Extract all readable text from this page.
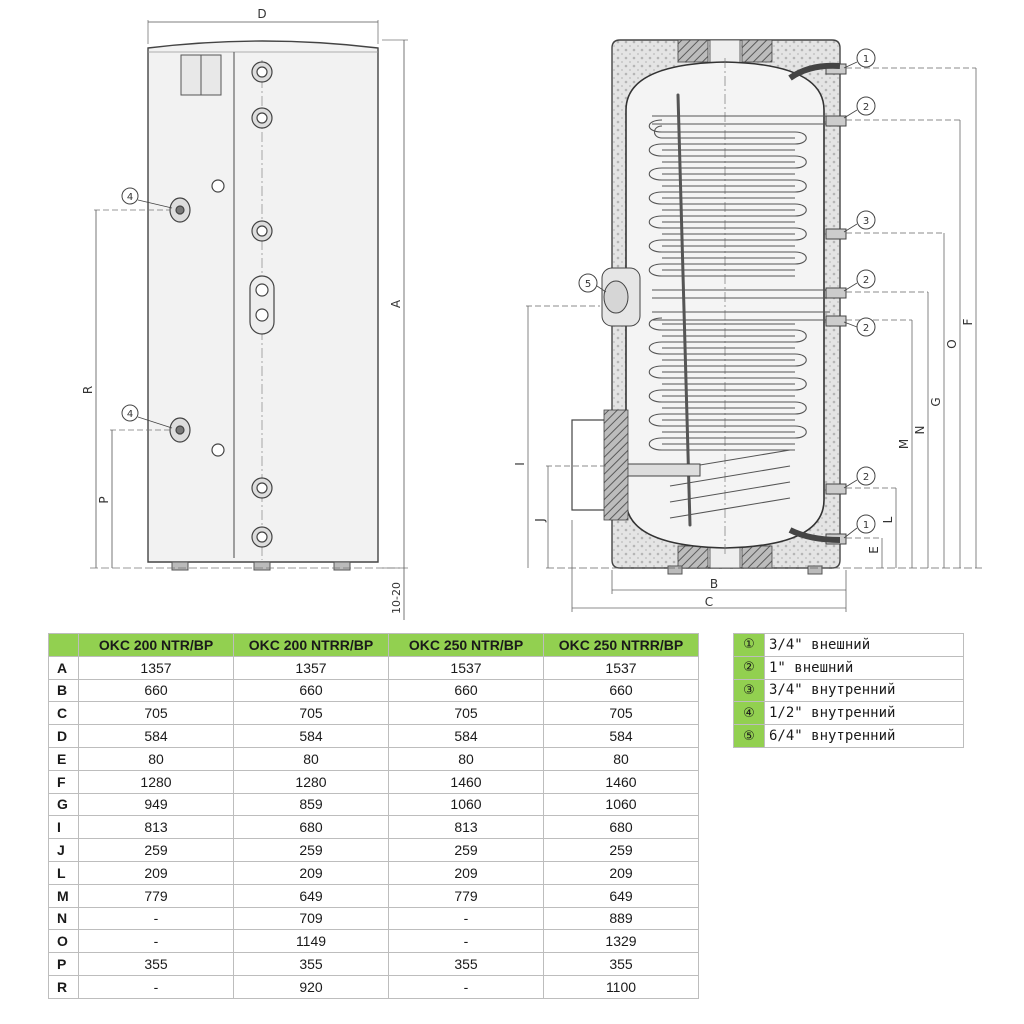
D
A
10-20
R
P
4
4
F
O
G
N
M
L
E
I
J
B
C
1
2
3
2
2
2
1
5
	OKC 200 NTR/BP	OKC 200 NTRR/BP	OKC 250 NTR/BP	OKC 250 NTRR/BP
A	1357	1357	1537	1537
B	660	660	660	660
C	705	705	705	705
D	584	584	584	584
E	80	80	80	80
F	1280	1280	1460	1460
G	949	859	1060	1060
I	813	680	813	680
J	259	259	259	259
L	209	209	209	209
M	779	649	779	649
N	-	709	-	889
O	-	1149	-	1329
P	355	355	355	355
R	-	920	-	1100
①	3/4" внешний
②	1" внешний
③	3/4" внутренний
④	1/2" внутренний
⑤	6/4" внутренний
